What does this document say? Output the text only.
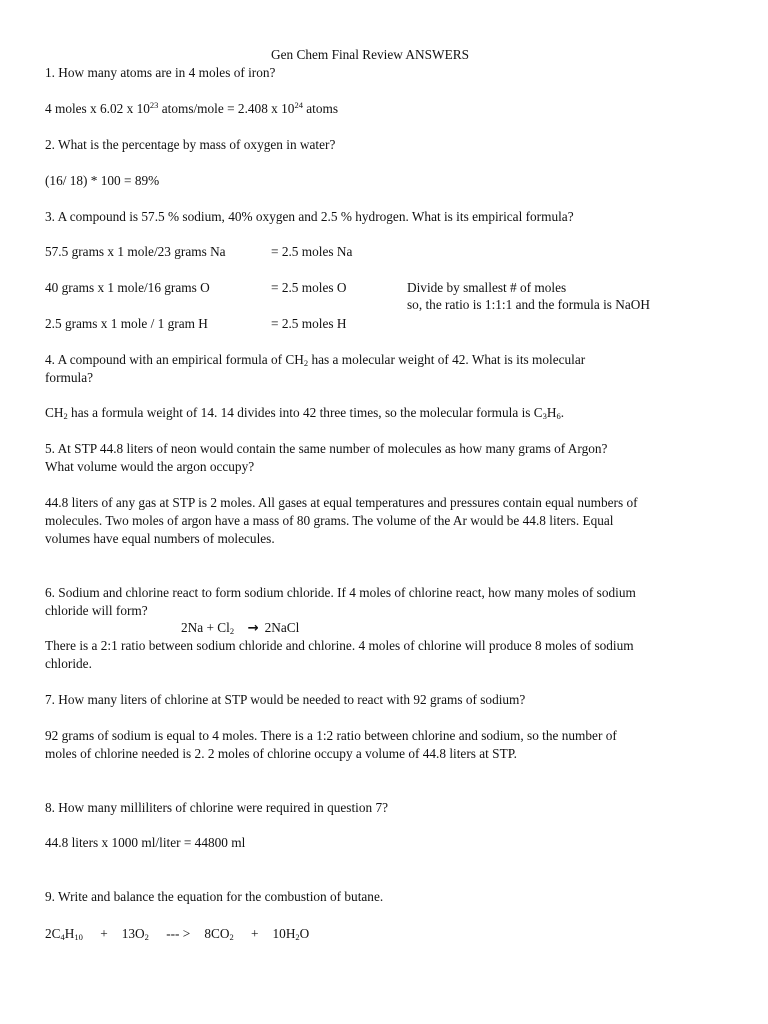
Gen Chem Final Review ANSWERS
1. How many atoms are in 4 moles of iron?
4 moles x 6.02 x $10^{23}$ atoms/mole = 2.408 x $10^{24}$ atoms
2. What is the percentage by mass of oxygen in water?
(16/ 18) * 100 = 89%
3. A compound is 57.5 % sodium, 40% oxygen and 2.5 % hydrogen. What is its empirical formula?
57.5 grams x 1 mole/23 grams Na	= 2.5 moles Na
40 grams x 1 mole/16 grams O	= 2.5 moles O	Divide by smallest # of moles
so, the ratio is 1:1:1 and the formula is NaOH
2.5 grams x 1 mole / 1 gram H	= 2.5 moles H
4. A compound with an empirical formula of $CH_2$ has a molecular weight of 42. What is its molecular
formula?
$CH_2$ has a formula weight of 14. 14 divides into 42 three times, so the molecular formula is $C_3H_6$.
5. At STP 44.8 liters of neon would contain the same number of molecules as how many grams of Argon?
What volume would the argon occupy?
44.8 liters of any gas at STP is 2 moles. All gases at equal temperatures and pressures contain equal numbers of
molecules. Two moles of argon have a mass of 80 grams. The volume of the Ar would be 44.8 liters. Equal
volumes have equal numbers of molecules.
6. Sodium and chlorine react to form sodium chloride. If 4 moles of chlorine react, how many moles of sodium
chloride will form?
$2Na + Cl_2$ → 2NaCl
There is a 2:1 ratio between sodium chloride and chlorine. 4 moles of chlorine will produce 8 moles of sodium
chloride.
7. How many liters of chlorine at STP would be needed to react with 92 grams of sodium?
92 grams of sodium is equal to 4 moles. There is a 1:2 ratio between chlorine and sodium, so the number of
moles of chlorine needed is 2. 2 moles of chlorine occupy a volume of 44.8 liters at STP.
8. How many milliliters of chlorine were required in question 7?
44.8 liters x 1000 ml/liter = 44800 ml
9. Write and balance the equation for the combustion of butane.
$2C_4H_{10} + 13O_2$ --- > $8CO_2 + 10H_2O$
